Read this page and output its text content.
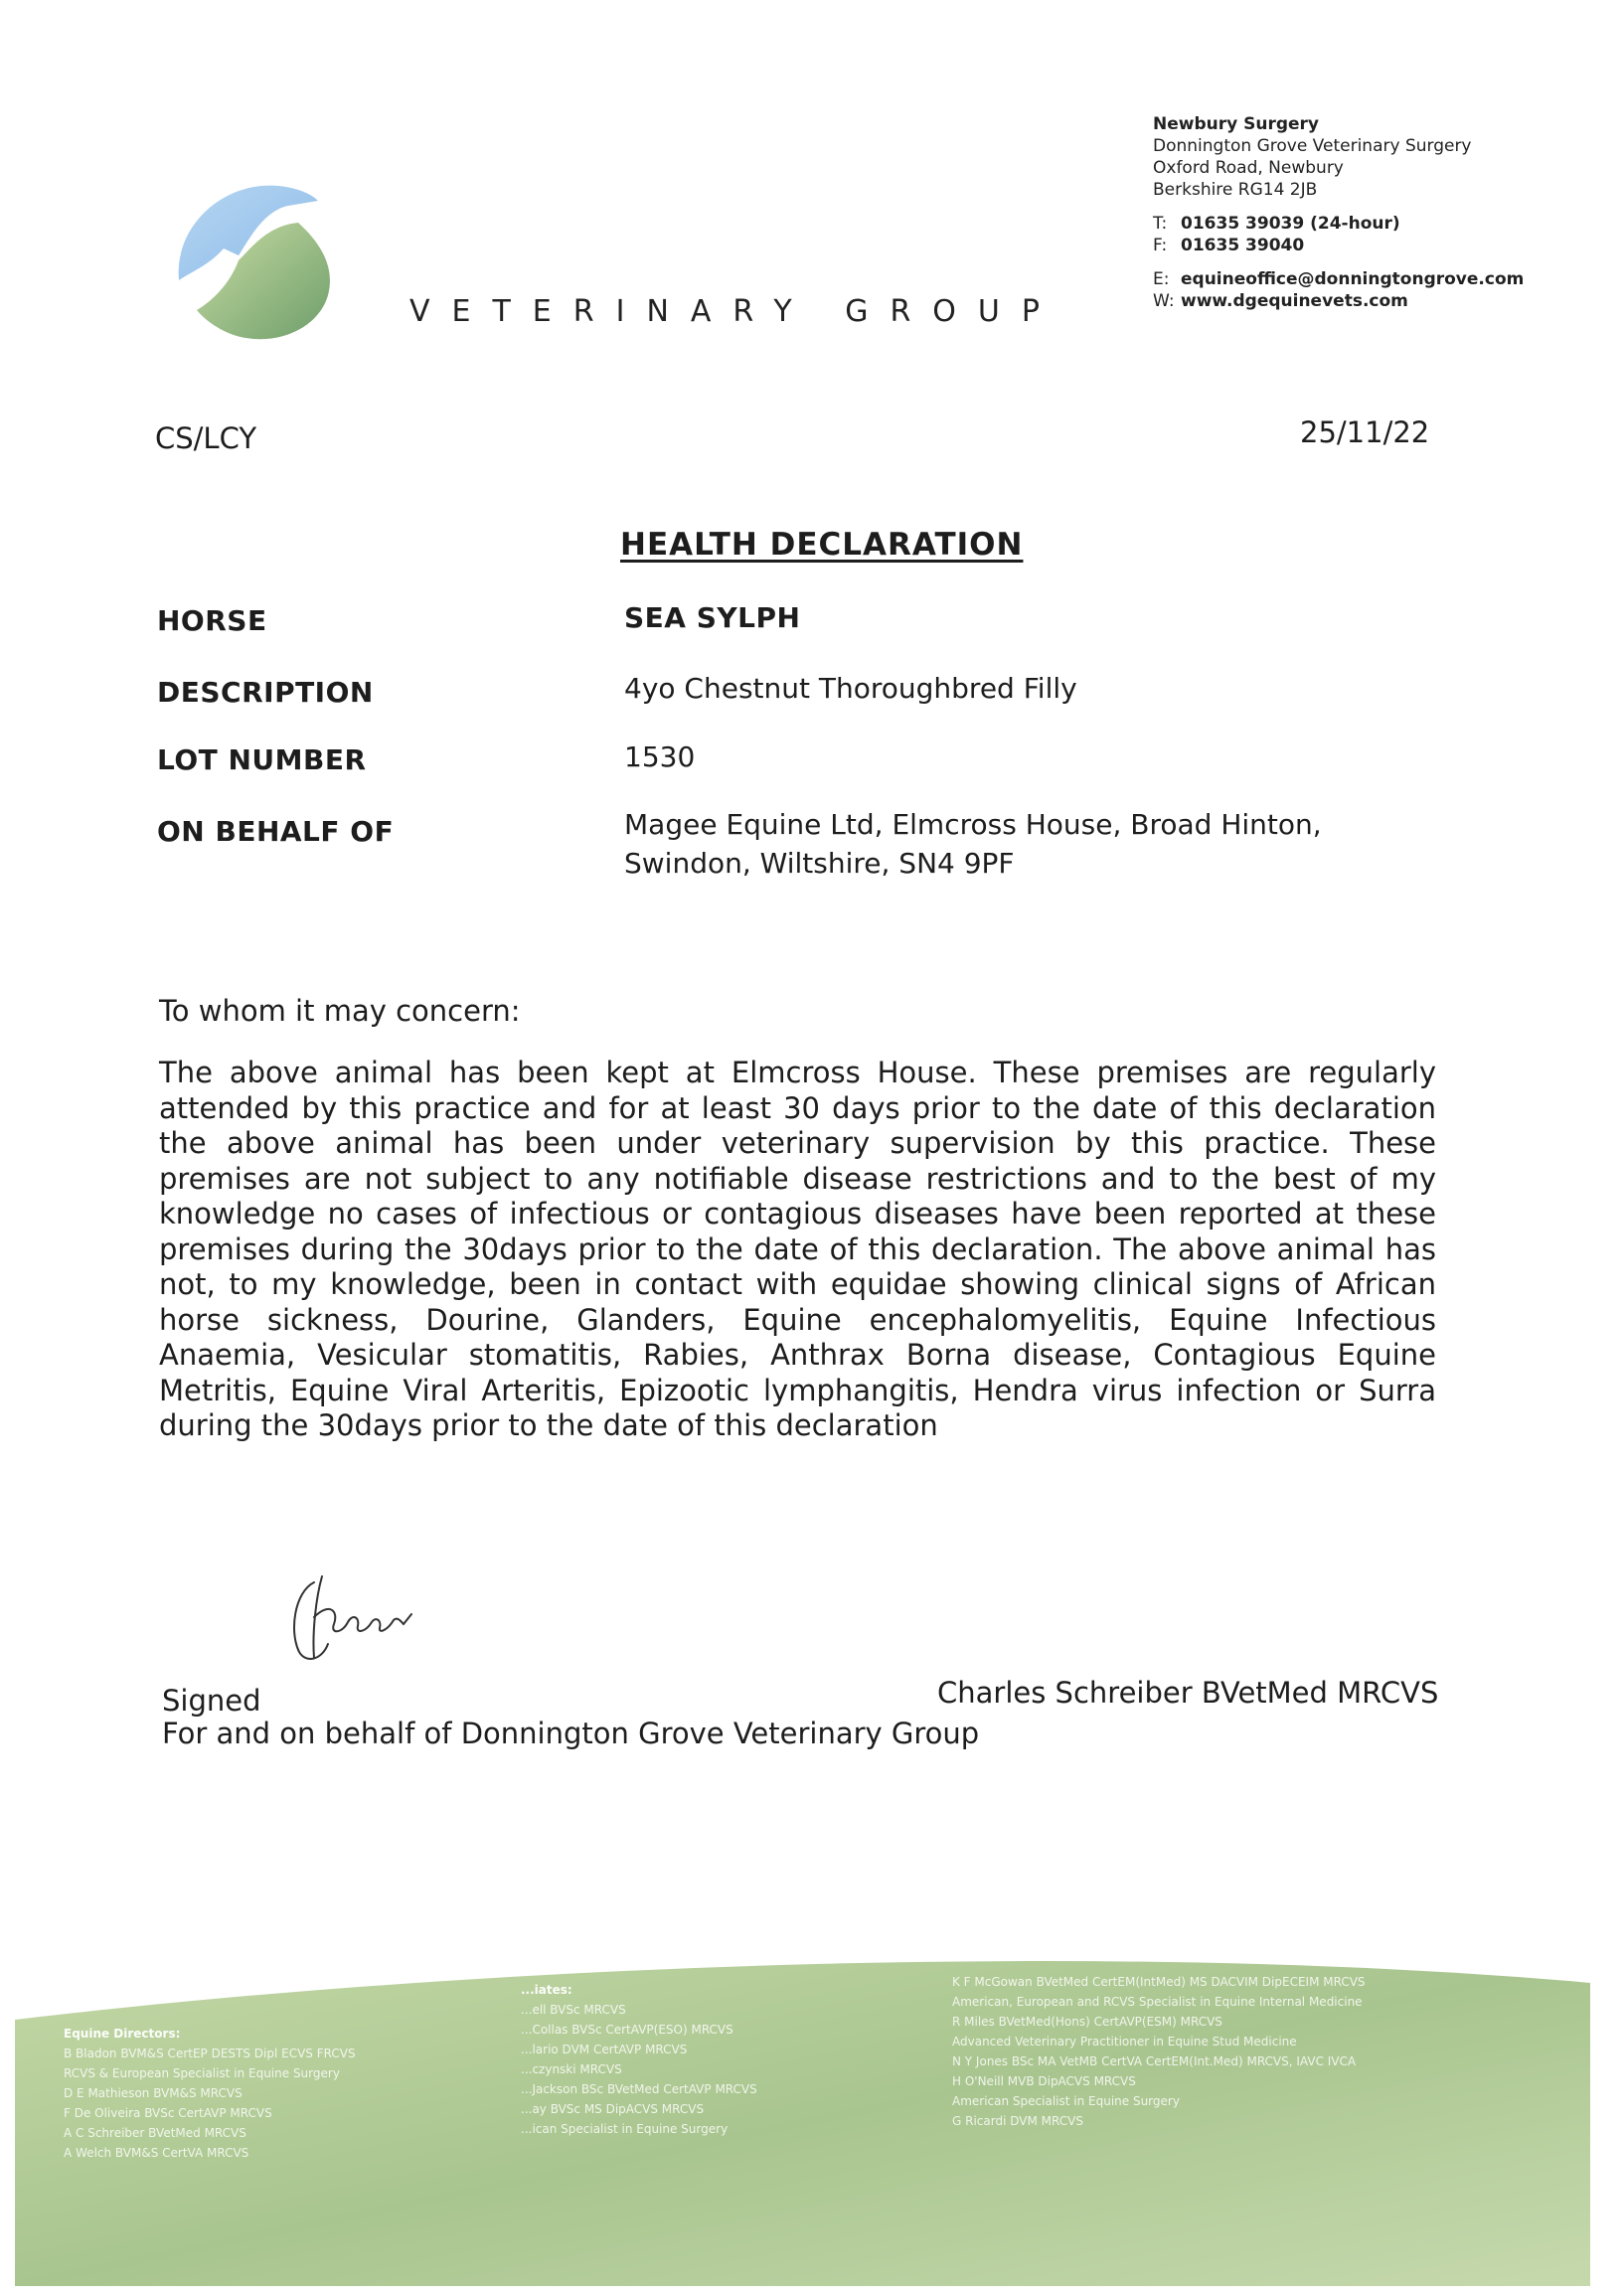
VETERINARY GROUP
Newbury Surgery
Donnington Grove Veterinary Surgery
Oxford Road, Newbury
Berkshire RG14 2JB
T: 01635 39039 (24-hour)
F: 01635 39040
E: equineoffice@donningtongrove.com
W: www.dgequinevets.com
CS/LCY	25/11/22
HEALTH DECLARATION
HORSE	SEA SYLPH
DESCRIPTION	4yo Chestnut Thoroughbred Filly
LOT NUMBER	1530
ON BEHALF OF	Magee Equine Ltd, Elmcross House, Broad Hinton,
Swindon, Wiltshire, SN4 9PF
To whom it may concern:
The above animal has been kept at Elmcross House. These premises are regularly attended by this practice and for at least 30 days prior to the date of this declaration the above animal has been under veterinary supervision by this practice. These premises are not subject to any notifiable disease restrictions and to the best of my knowledge no cases of infectious or contagious diseases have been reported at these premises during the 30days prior to the date of this declaration. The above animal has not, to my knowledge, been in contact with equidae showing clinical signs of African horse sickness, Dourine, Glanders, Equine encephalomyelitis, Equine Infectious Anaemia, Vesicular stomatitis, Rabies, Anthrax Borna disease, Contagious Equine Metritis, Equine Viral Arteritis, Epizootic lymphangitis, Hendra virus infection or Surra during the 30days prior to the date of this declaration
Signed	Charles Schreiber BVetMed MRCVS
For and on behalf of Donnington Grove Veterinary Group
Equine Directors:
B Bladon BVM&S CertEP DESTS Dipl ECVS FRCVS
RCVS & European Specialist in Equine Surgery
D E Mathieson BVM&S MRCVS
F De Oliveira BVSc CertAVP MRCVS
A C Schreiber BVetMed MRCVS
A Welch BVM&S CertVA MRCVS
...iates:
...ell BVSc MRCVS
...Collas BVSc CertAVP(ESO) MRCVS
...lario DVM CertAVP MRCVS
...czynski MRCVS
...Jackson BSc BVetMed CertAVP MRCVS
...ay BVSc MS DipACVS MRCVS
...ican Specialist in Equine Surgery
K F McGowan BVetMed CertEM(IntMed) MS DACVIM DipECEIM MRCVS
American, European and RCVS Specialist in Equine Internal Medicine
R Miles BVetMed(Hons) CertAVP(ESM) MRCVS
Advanced Veterinary Practitioner in Equine Stud Medicine
N Y Jones BSc MA VetMB CertVA CertEM(Int.Med) MRCVS, IAVC IVCA
H O'Neill MVB DipACVS MRCVS
American Specialist in Equine Surgery
G Ricardi DVM MRCVS
